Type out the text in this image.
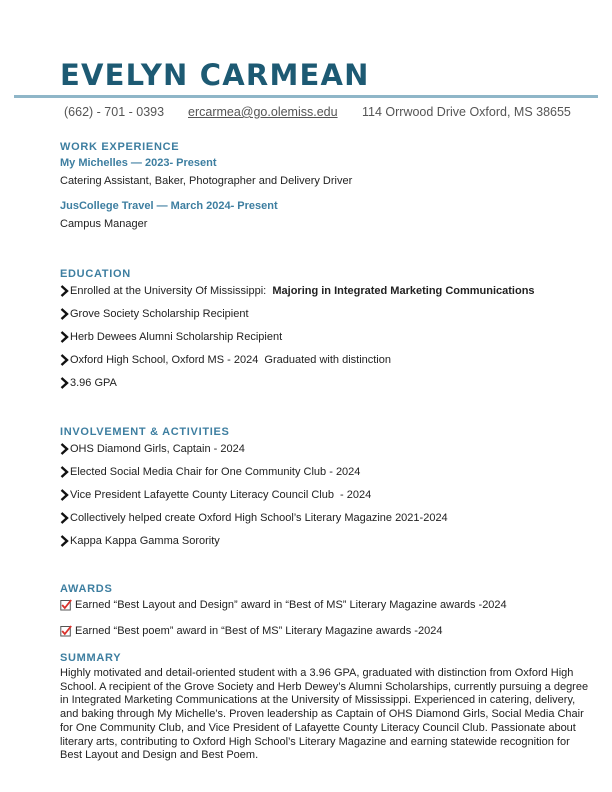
EVELYN CARMEAN
(662) - 701 - 0393 ercarmea@go.olemiss.edu 114 Orrwood Drive Oxford, MS 38655
WORK EXPERIENCE
My Michelles — 2023- Present
Catering Assistant, Baker, Photographer and Delivery Driver
JusCollege Travel — March 2024- Present
Campus Manager
EDUCATION
Enrolled at the University Of Mississippi: Majoring in Integrated Marketing Communications
Grove Society Scholarship Recipient
Herb Dewees Alumni Scholarship Recipient
Oxford High School, Oxford MS - 2024  Graduated with distinction
3.96 GPA
INVOLVEMENT & ACTIVITIES
OHS Diamond Girls, Captain - 2024
Elected Social Media Chair for One Community Club - 2024
Vice President Lafayette County Literacy Council Club  - 2024
Collectively helped create Oxford High School’s Literary Magazine 2021-2024
Kappa Kappa Gamma Sorority
AWARDS
Earned “Best Layout and Design” award in “Best of MS” Literary Magazine awards -2024
Earned “Best poem” award in “Best of MS” Literary Magazine awards -2024
SUMMARY
Highly motivated and detail-oriented student with a 3.96 GPA, graduated with distinction from Oxford High School. A recipient of the Grove Society and Herb Dewey’s Alumni Scholarships, currently pursuing a degree in Integrated Marketing Communications at the University of Mississippi. Experienced in catering, delivery, and baking through My Michelle’s. Proven leadership as Captain of OHS Diamond Girls, Social Media Chair for One Community Club, and Vice President of Lafayette County Literacy Council Club. Passionate about literary arts, contributing to Oxford High School’s Literary Magazine and earning statewide recognition for Best Layout and Design and Best Poem.
